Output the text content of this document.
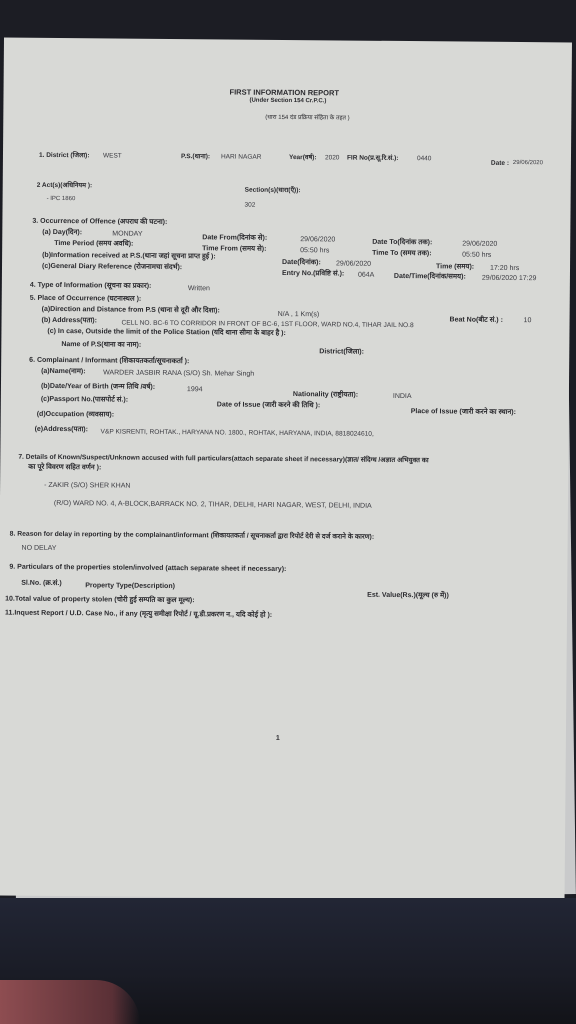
FIRST INFORMATION REPORT
(Under Section 154 Cr.P.C.)
(धारा 154 दंड प्रक्रिया संहिता के तहत )
1. District (जिला): WEST	P.S.(थाना): HARI NAGAR	Year(वर्ष): 2020 FIR No(प्र.सू.रि.सं.):	0440
Date : 29/06/2020
2 Act(s)(अधिनियम ):
- IPC 1860
Section(s)(धारा(एँ)):
302
3. Occurrence of Offence (अपराध की घटना):
(a) Day(दिन):	MONDAY
Date From(दिनांक से):	29/06/2020	Date To(दिनांक तक):	29/06/2020
Time Period (समय अवधि):
Time From (समय से):	05:50 hrs	Time To (समय तक):	05:50 hrs
(b)Information received at P.S.(थाना जहां सूचना प्राप्त हुई ):
Date(दिनांक): 29/06/2020	Time (समय): 17:20 hrs
(c)General Diary Reference (रोजनामचा संदर्भ):
Entry No.(प्रविष्टि सं.): 064A	Date/Time(दिनांक/समय): 29/06/2020 17:29
4. Type of Information (सूचना का प्रकार):	Written
5. Place of Occurrence (घटनास्थल ):
(a)Direction and Distance from P.S (थाना से दूरी और दिशा):
N/A , 1 Km(s)
Beat No(बीट सं.) :	10
(b) Address(पता):	CELL NO. BC-6 TO CORRIDOR IN FRONT OF BC-6, 1ST FLOOR, WARD NO.4, TIHAR JAIL NO.8
(c) In case, Outside the limit of the Police Station (यदि थाना सीमा के बाहर है ):
Name of P.S(थाना का नाम):
District(जिला):
6. Complainant / Informant (शिकायतकर्ता/सूचनाकर्ता ):
(a)Name(नाम): WARDER JASBIR RANA (S/O) Sh. Mehar Singh
(b)Date/Year of Birth (जन्म तिथि /वर्ष):	1994
Nationality (राष्ट्रीयता):	INDIA
(c)Passport No.(पासपोर्ट सं.):
Date of Issue (जारी करने की तिथि ):
Place of Issue (जारी करने का स्थान):
(d)Occupation (व्यवसाय):
(e)Address(पता): V&P KISRENTI, ROHTAK., HARYANA NO. 1800., ROHTAK, HARYANA, INDIA, 8818024610,
7. Details of Known/Suspect/Unknown accused with full particulars(attach separate sheet if necessary)(ज्ञात/ संदिग्ध /अज्ञात अभियुक्त का
का पूरे विवरण सहित वर्णन ):
- ZAKIR (S/O) SHER KHAN
(R/O) WARD NO. 4, A-BLOCK,BARRACK NO. 2, TIHAR, DELHI, HARI NAGAR, WEST, DELHI, INDIA
8. Reason for delay in reporting by the complainant/informant (शिकायतकर्ता / सूचनाकर्ता द्वारा रिपोर्ट देरी से दर्ज कराने के कारण):
NO DELAY
9. Particulars of the properties stolen/involved (attach separate sheet if necessary):
Sl.No. (क्र.सं.)	Property Type(Description)
Est. Value(Rs.)(मूल्य (रु में))
10.Total value of property stolen (चोरी हुई सम्पति का कुल मूल्य):
11.Inquest Report / U.D. Case No., if any (मृत्यु समीक्षा रिपोर्ट / यू.डी.प्रकरण न., यदि कोई हो ):
1
